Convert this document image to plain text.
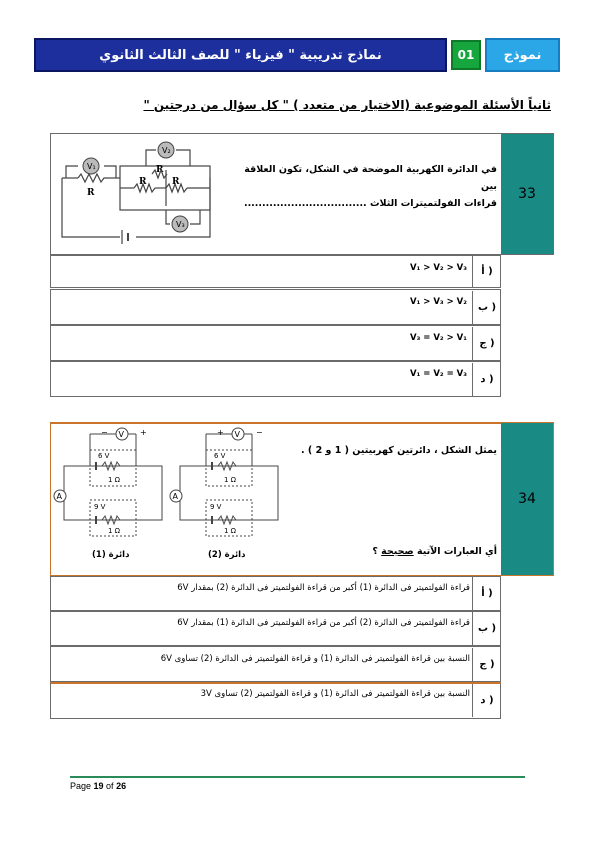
نماذج تدريبية " فيزياء " للصف الثالث الثانوي	01	نموذج
ثانياً الأسئلة الموضوعية (الاختيار من متعدد ) " كل سؤال من درجتين "
33
في الدائرة الكهربية الموضحة في الشكل، تكون العلاقة بين
قراءات الفولتميترات الثلاث ..................................
V₁
V₂
V₃
R
R	R
R
أ )
V₁ > V₂ > V₃
ب )
V₁ > V₃ > V₂
ج )
V₃ = V₂ > V₁
د )
V₁ = V₂ = V₃
34
يمثل الشكل ، دائرتين كهربيتين ( 1 و 2 ) .
أي العبارات الآتية صحيحة ؟
V
−	+
A
6 V
1 Ω
9 V
1 Ω
دائرة (1)
V
+	−
A
6 V
1 Ω
9 V
1 Ω
دائرة (2)
أ )
قراءة الفولتميتر فى الدائرة (1) أكبر من قراءة الفولتميتر فى الدائرة (2) بمقدار 6V
ب )
قراءة الفولتميتر فى الدائرة (2) أكبر من قراءة الفولتميتر فى الدائرة (1) بمقدار 6V
ج )
النسبة بين قراءة الفولتميتر فى الدائرة (1) و قراءة الفولتميتر فى الدائرة (2) تساوى 6V
د )
النسبة بين قراءة الفولتميتر فى الدائرة (1) و قراءة الفولتميتر (2) تساوى 3V
Page 19 of 26
